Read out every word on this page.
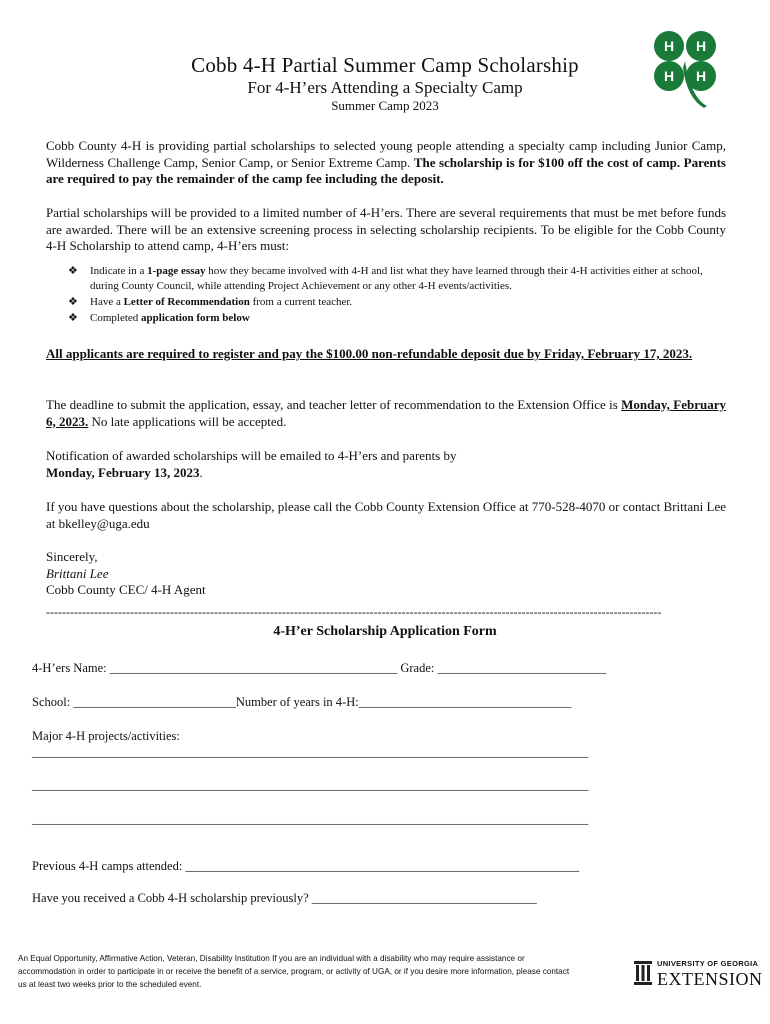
Cobb 4-H Partial Summer Camp Scholarship
For 4-H’ers Attending a Specialty Camp
Summer Camp 2023
H H
H H

Cobb County 4-H is providing partial scholarships to selected young people attending a specialty camp including Junior Camp, Wilderness Challenge Camp, Senior Camp, or Senior Extreme Camp. The scholarship is for $100 off the cost of camp. Parents are required to pay the remainder of the camp fee including the deposit.

Partial scholarships will be provided to a limited number of 4-H’ers. There are several requirements that must be met before funds are awarded. There will be an extensive screening process in selecting scholarship recipients. To be eligible for the Cobb County 4-H Scholarship to attend camp, 4-H’ers must:

❖ Indicate in a 1-page essay how they became involved with 4-H and list what they have learned through their 4-H activities either at school, during County Council, while attending Project Achievement or any other 4-H events/activities.
❖ Have a Letter of Recommendation from a current teacher.
❖ Completed application form below

All applicants are required to register and pay the $100.00 non-refundable deposit due by Friday, February 17, 2023.

The deadline to submit the application, essay, and teacher letter of recommendation to the Extension Office is Monday, February 6, 2023. No late applications will be accepted.

Notification of awarded scholarships will be emailed to 4-H’ers and parents by
Monday, February 13, 2023.

If you have questions about the scholarship, please call the Cobb County Extension Office at 770-528-4070 or contact Brittani Lee at bkelley@uga.edu

Sincerely,
Brittani Lee
Cobb County CEC/ 4-H Agent
----------------------------------------------------------------------------------------------------------------------------------------------------------
4-H’er Scholarship Application Form
4-H’ers Name: ______________________________________________ Grade: ___________________________
School: __________________________Number of years in 4-H:__________________________________
Major 4-H projects/activities:
_________________________________________________________________________________________
_________________________________________________________________________________________
_________________________________________________________________________________________
Previous 4-H camps attended: _______________________________________________________________
Have you received a Cobb 4-H scholarship previously? ____________________________________
An Equal Opportunity, Affirmative Action, Veteran, Disability Institution If you are an individual with a disability who may require assistance or accommodation in order to participate in or receive the benefit of a service, program, or activity of UGA, or if you desire more information, please contact us at least two weeks prior to the scheduled event.
UNIVERSITY OF GEORGIA
EXTENSION
